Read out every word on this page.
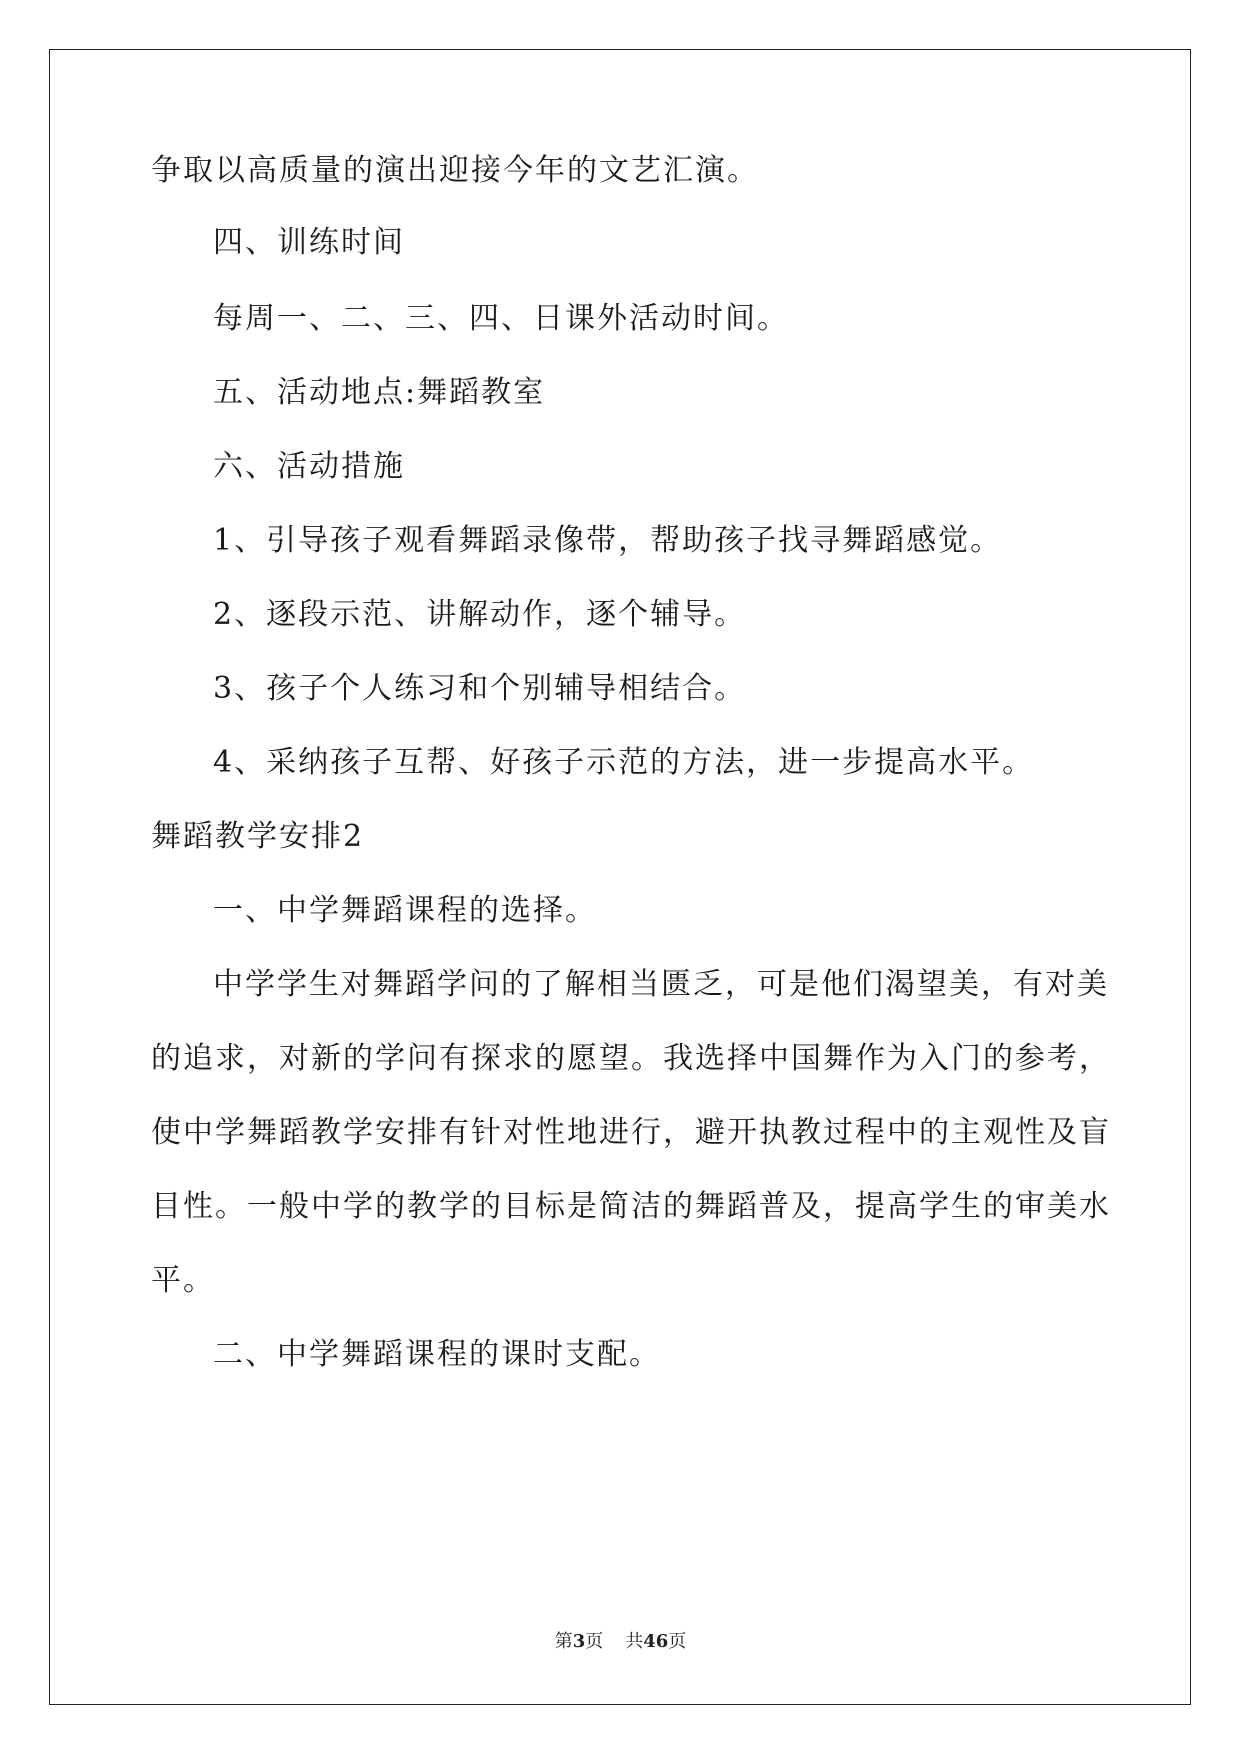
争取以高质量的演出迎接今年的文艺汇演。
四、训练时间
每周一、二、三、四、日课外活动时间。
五、活动地点:舞蹈教室
六、活动措施
1、引导孩子观看舞蹈录像带，帮助孩子找寻舞蹈感觉。
2、逐段示范、讲解动作，逐个辅导。
3、孩子个人练习和个别辅导相结合。
4、采纳孩子互帮、好孩子示范的方法，进一步提高水平。
舞蹈教学安排2
一、中学舞蹈课程的选择。
中学学生对舞蹈学问的了解相当匮乏，可是他们渴望美，有对美
的追求，对新的学问有探求的愿望。我选择中国舞作为入门的参考，
使中学舞蹈教学安排有针对性地进行，避开执教过程中的主观性及盲
目性。一般中学的教学的目标是简洁的舞蹈普及，提高学生的审美水
平。
二、中学舞蹈课程的课时支配。
第3页 共46页
